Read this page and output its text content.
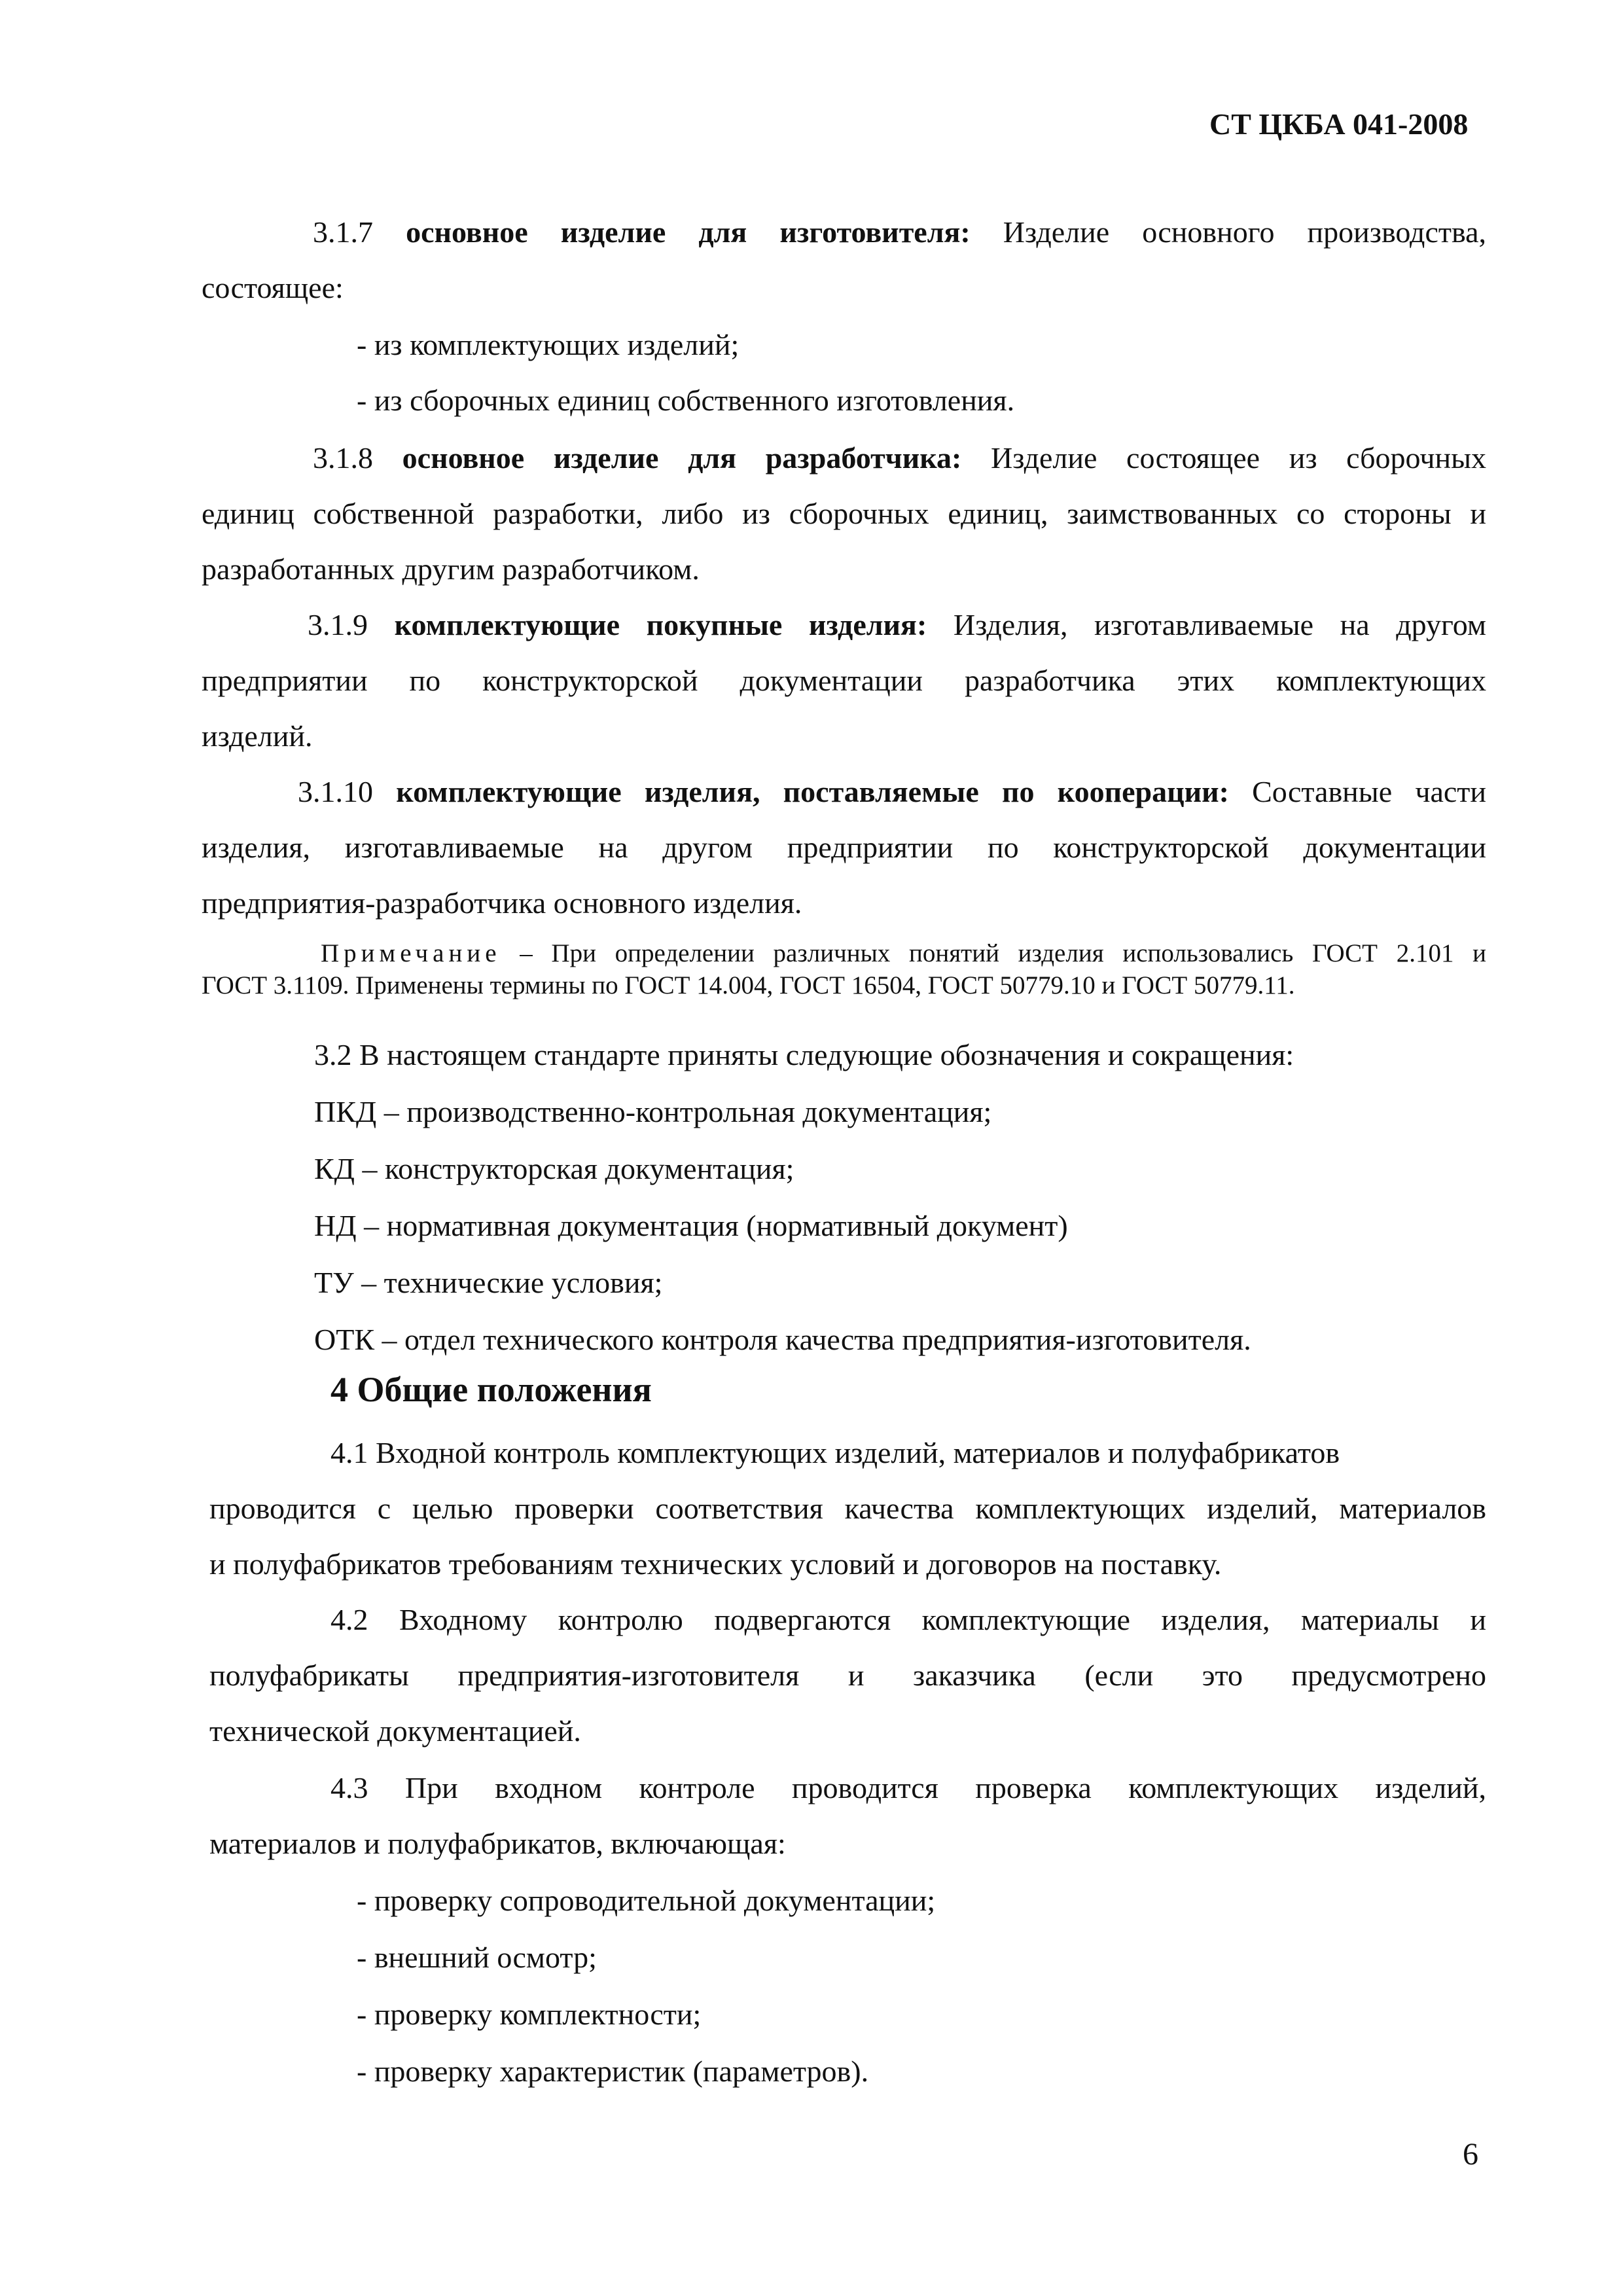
СТ ЦКБА 041-2008
3.1.7 основное изделие для изготовителя: Изделие основного производства,
состоящее:
- из комплектующих изделий;
- из сборочных единиц собственного изготовления.
3.1.8 основное изделие для разработчика: Изделие состоящее из сборочных
единиц собственной разработки, либо из сборочных единиц, заимствованных со стороны и
разработанных другим разработчиком.
3.1.9 комплектующие покупные изделия: Изделия, изготавливаемые на другом
предприятии по конструкторской документации разработчика этих комплектующих
изделий.
3.1.10 комплектующие изделия, поставляемые по кооперации: Составные части
изделия, изготавливаемые на другом предприятии по конструкторской документации
предприятия-разработчика основного изделия.
Примечание – При определении различных понятий изделия использовались ГОСТ 2.101 и
ГОСТ 3.1109. Применены термины по ГОСТ 14.004, ГОСТ 16504, ГОСТ 50779.10 и ГОСТ 50779.11.
3.2 В настоящем стандарте приняты следующие обозначения и сокращения:
ПКД – производственно-контрольная документация;
КД – конструкторская документация;
НД – нормативная документация (нормативный документ)
ТУ – технические условия;
ОТК – отдел технического контроля качества предприятия-изготовителя.
4 Общие положения
4.1 Входной контроль комплектующих изделий, материалов и полуфабрикатов
проводится с целью проверки соответствия качества комплектующих изделий, материалов
и полуфабрикатов требованиям технических условий и договоров на поставку.
4.2 Входному контролю подвергаются комплектующие изделия, материалы и
полуфабрикаты предприятия-изготовителя и заказчика (если это предусмотрено
технической документацией.
4.3 При входном контроле проводится проверка комплектующих изделий,
материалов и полуфабрикатов, включающая:
- проверку сопроводительной документации;
- внешний осмотр;
- проверку комплектности;
- проверку характеристик (параметров).
6
